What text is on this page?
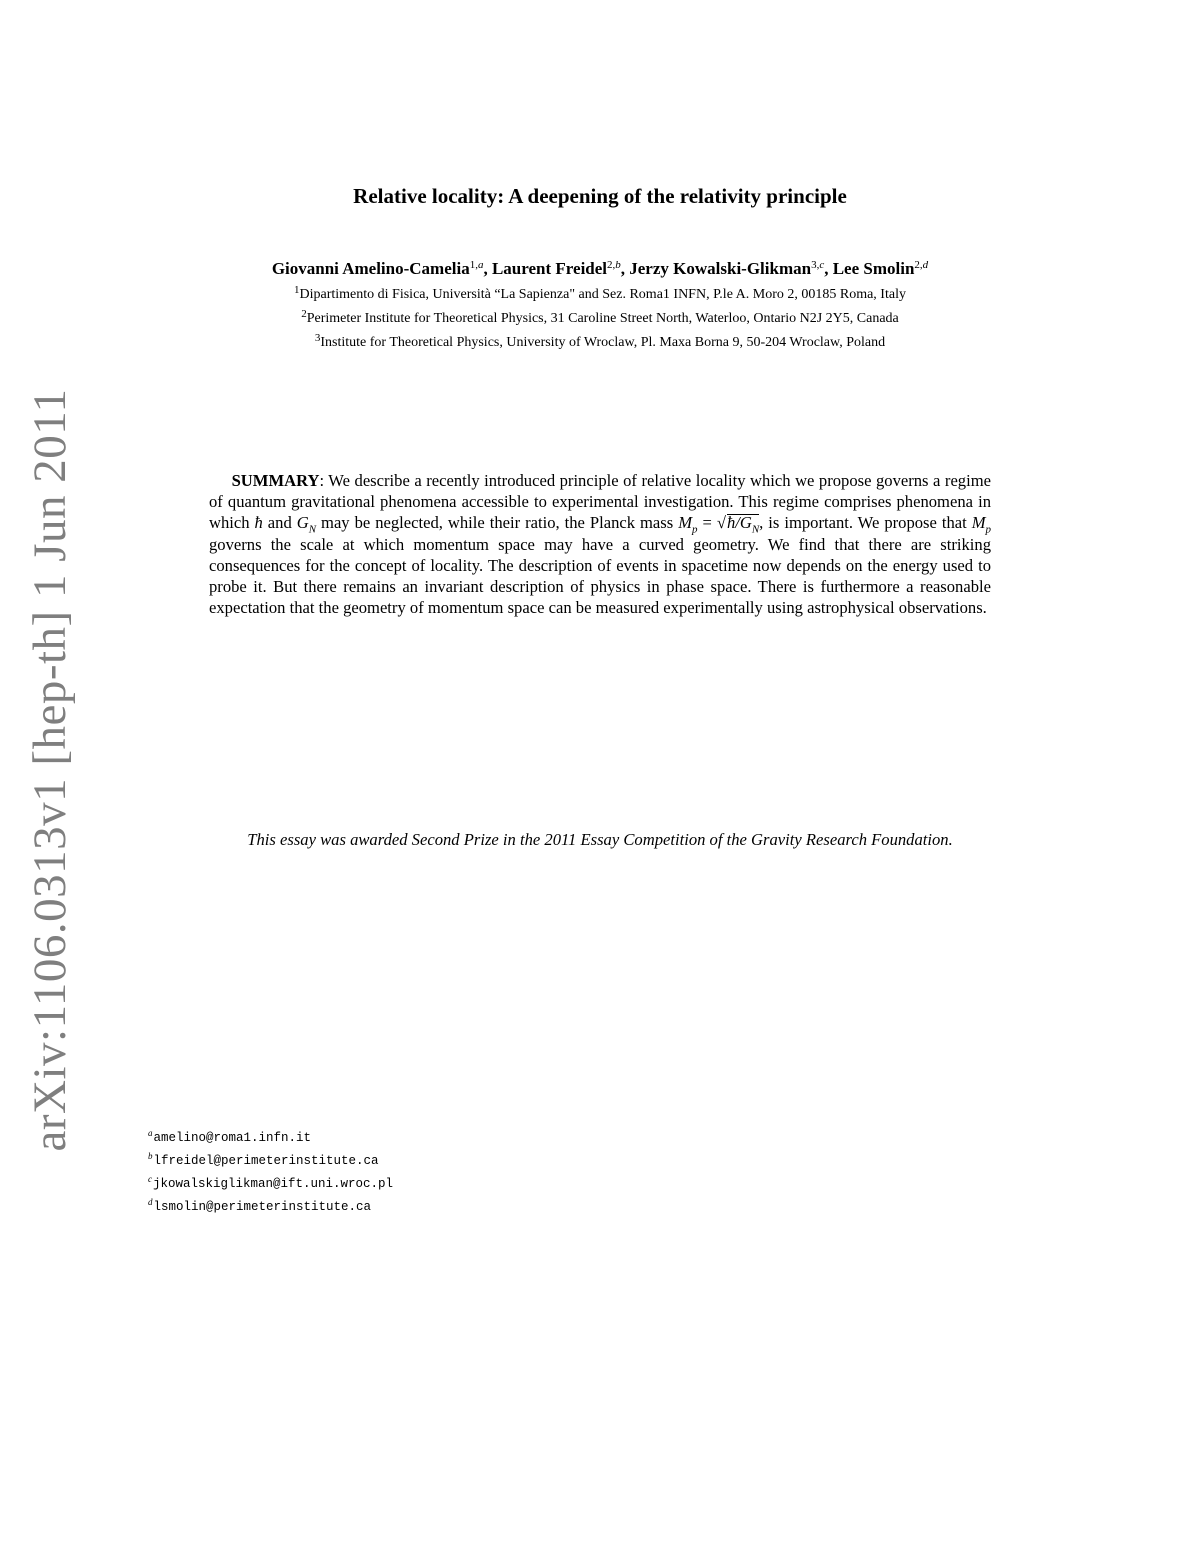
arXiv:1106.0313v1 [hep-th] 1 Jun 2011
Relative locality: A deepening of the relativity principle
Giovanni Amelino-Camelia$^{1,a}$, Laurent Freidel$^{2,b}$, Jerzy Kowalski-Glikman$^{3,c}$, Lee Smolin$^{2,d}$
$^1$Dipartimento di Fisica, Università “La Sapienza" and Sez. Roma1 INFN, P.le A. Moro 2, 00185 Roma, Italy
$^2$Perimeter Institute for Theoretical Physics, 31 Caroline Street North, Waterloo, Ontario N2J 2Y5, Canada
$^3$Institute for Theoretical Physics, University of Wroclaw, Pl. Maxa Borna 9, 50-204 Wroclaw, Poland
SUMMARY: We describe a recently introduced principle of relative locality which we propose governs a regime of quantum gravitational phenomena accessible to experimental investigation. This regime comprises phenomena in which ħ and $G_N$ may be neglected, while their ratio, the Planck mass $M_p$ = $√ħ/G_N$, is important. We propose that $M_p$ governs the scale at which momentum space may have a curved geometry. We find that there are striking consequences for the concept of locality. The description of events in spacetime now depends on the energy used to probe it. But there remains an invariant description of physics in phase space. There is furthermore a reasonable expectation that the geometry of momentum space can be measured experimentally using astrophysical observations.
This essay was awarded Second Prize in the 2011 Essay Competition of the Gravity Research Foundation.
$^a$amelino@roma1.infn.it
$^b$lfreidel@perimeterinstitute.ca
$^c$jkowalskiglikman@ift.uni.wroc.pl
$^d$lsmolin@perimeterinstitute.ca
